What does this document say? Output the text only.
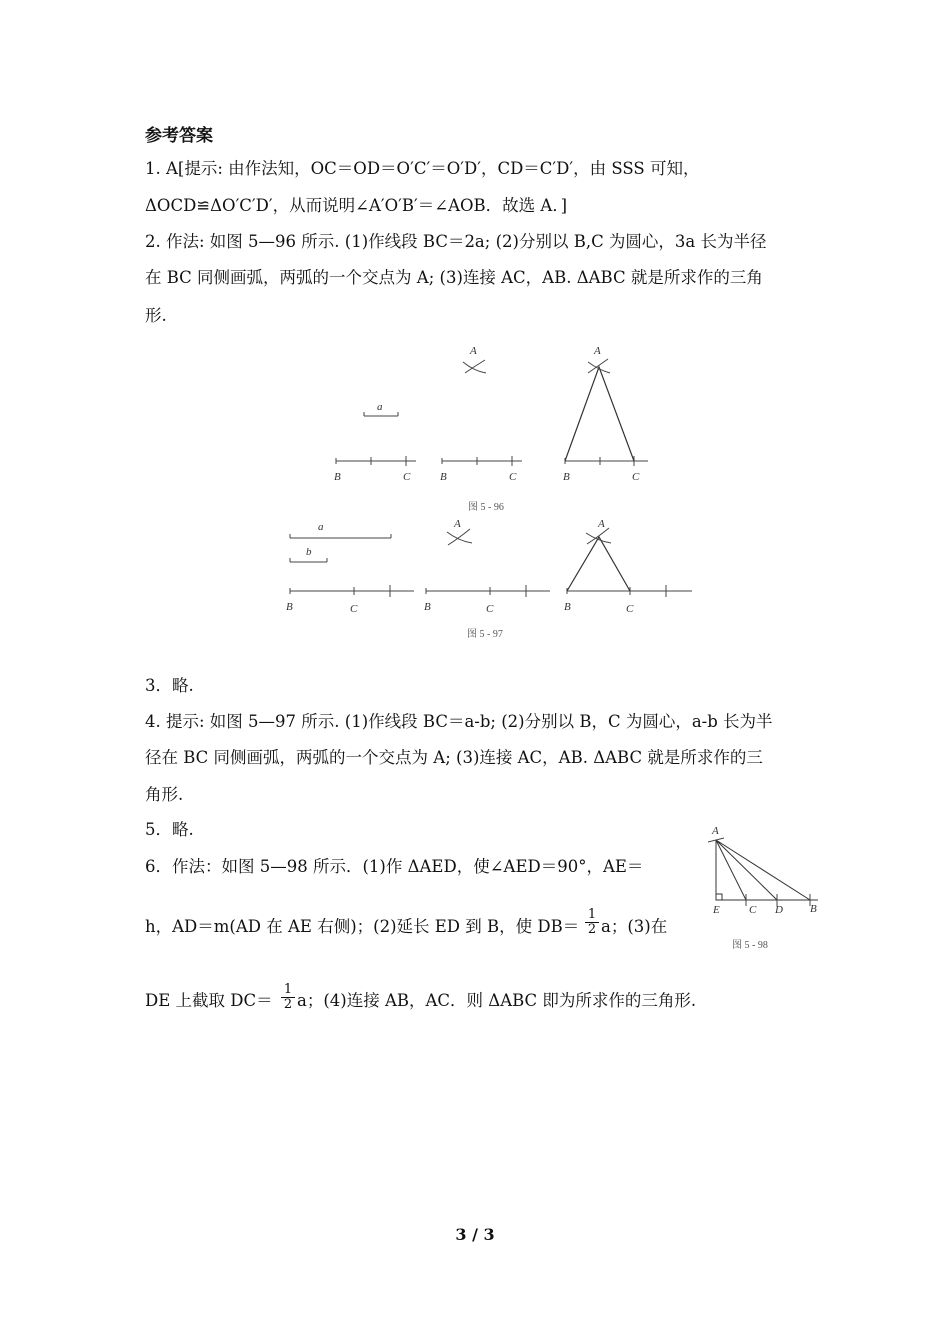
参考答案
1. A[提示: 由作法知，OC＝OD＝O′C′＝O′D′，CD＝C′D′，由 SSS 可知，
ΔOCD≌ΔO′C′D′，从而说明∠A′O′B′＝∠AOB．故选 A．]
2. 作法: 如图 5—96 所示. (1)作线段 BC＝2a; (2)分别以 B,C 为圆心，3a 长为半径
在 BC 同侧画弧，两弧的一个交点为 A; (3)连接 AC，AB. ΔABC 就是所求作的三角
形.
a
B	C	B	C
A	A
B	C
图 5 - 96
a
b
B	C
A
B	C
A
B	C
图 5 - 97
3．略.
4. 提示: 如图 5—97 所示. (1)作线段 BC＝a-b; (2)分别以 B，C 为圆心，a-b 长为半
径在 BC 同侧画弧，两弧的一个交点为 A; (3)连接 AC，AB. ΔABC 就是所求作的三
角形.
5．略.
6．作法：如图 5—98 所示．(1)作 ΔAED，使∠AED＝90°，AE＝
h，AD＝m(AD 在 AE 右侧)；(2)延长 ED 到 B，使 $DB= \frac{1}{2}$ a；(3)在
DE 上截取 $DC= \frac{1}{2}$ a；(4)连接 AB，AC．则 ΔABC 即为所求作的三角形.
A
E	C D B
图 5 - 98
3 / 3
